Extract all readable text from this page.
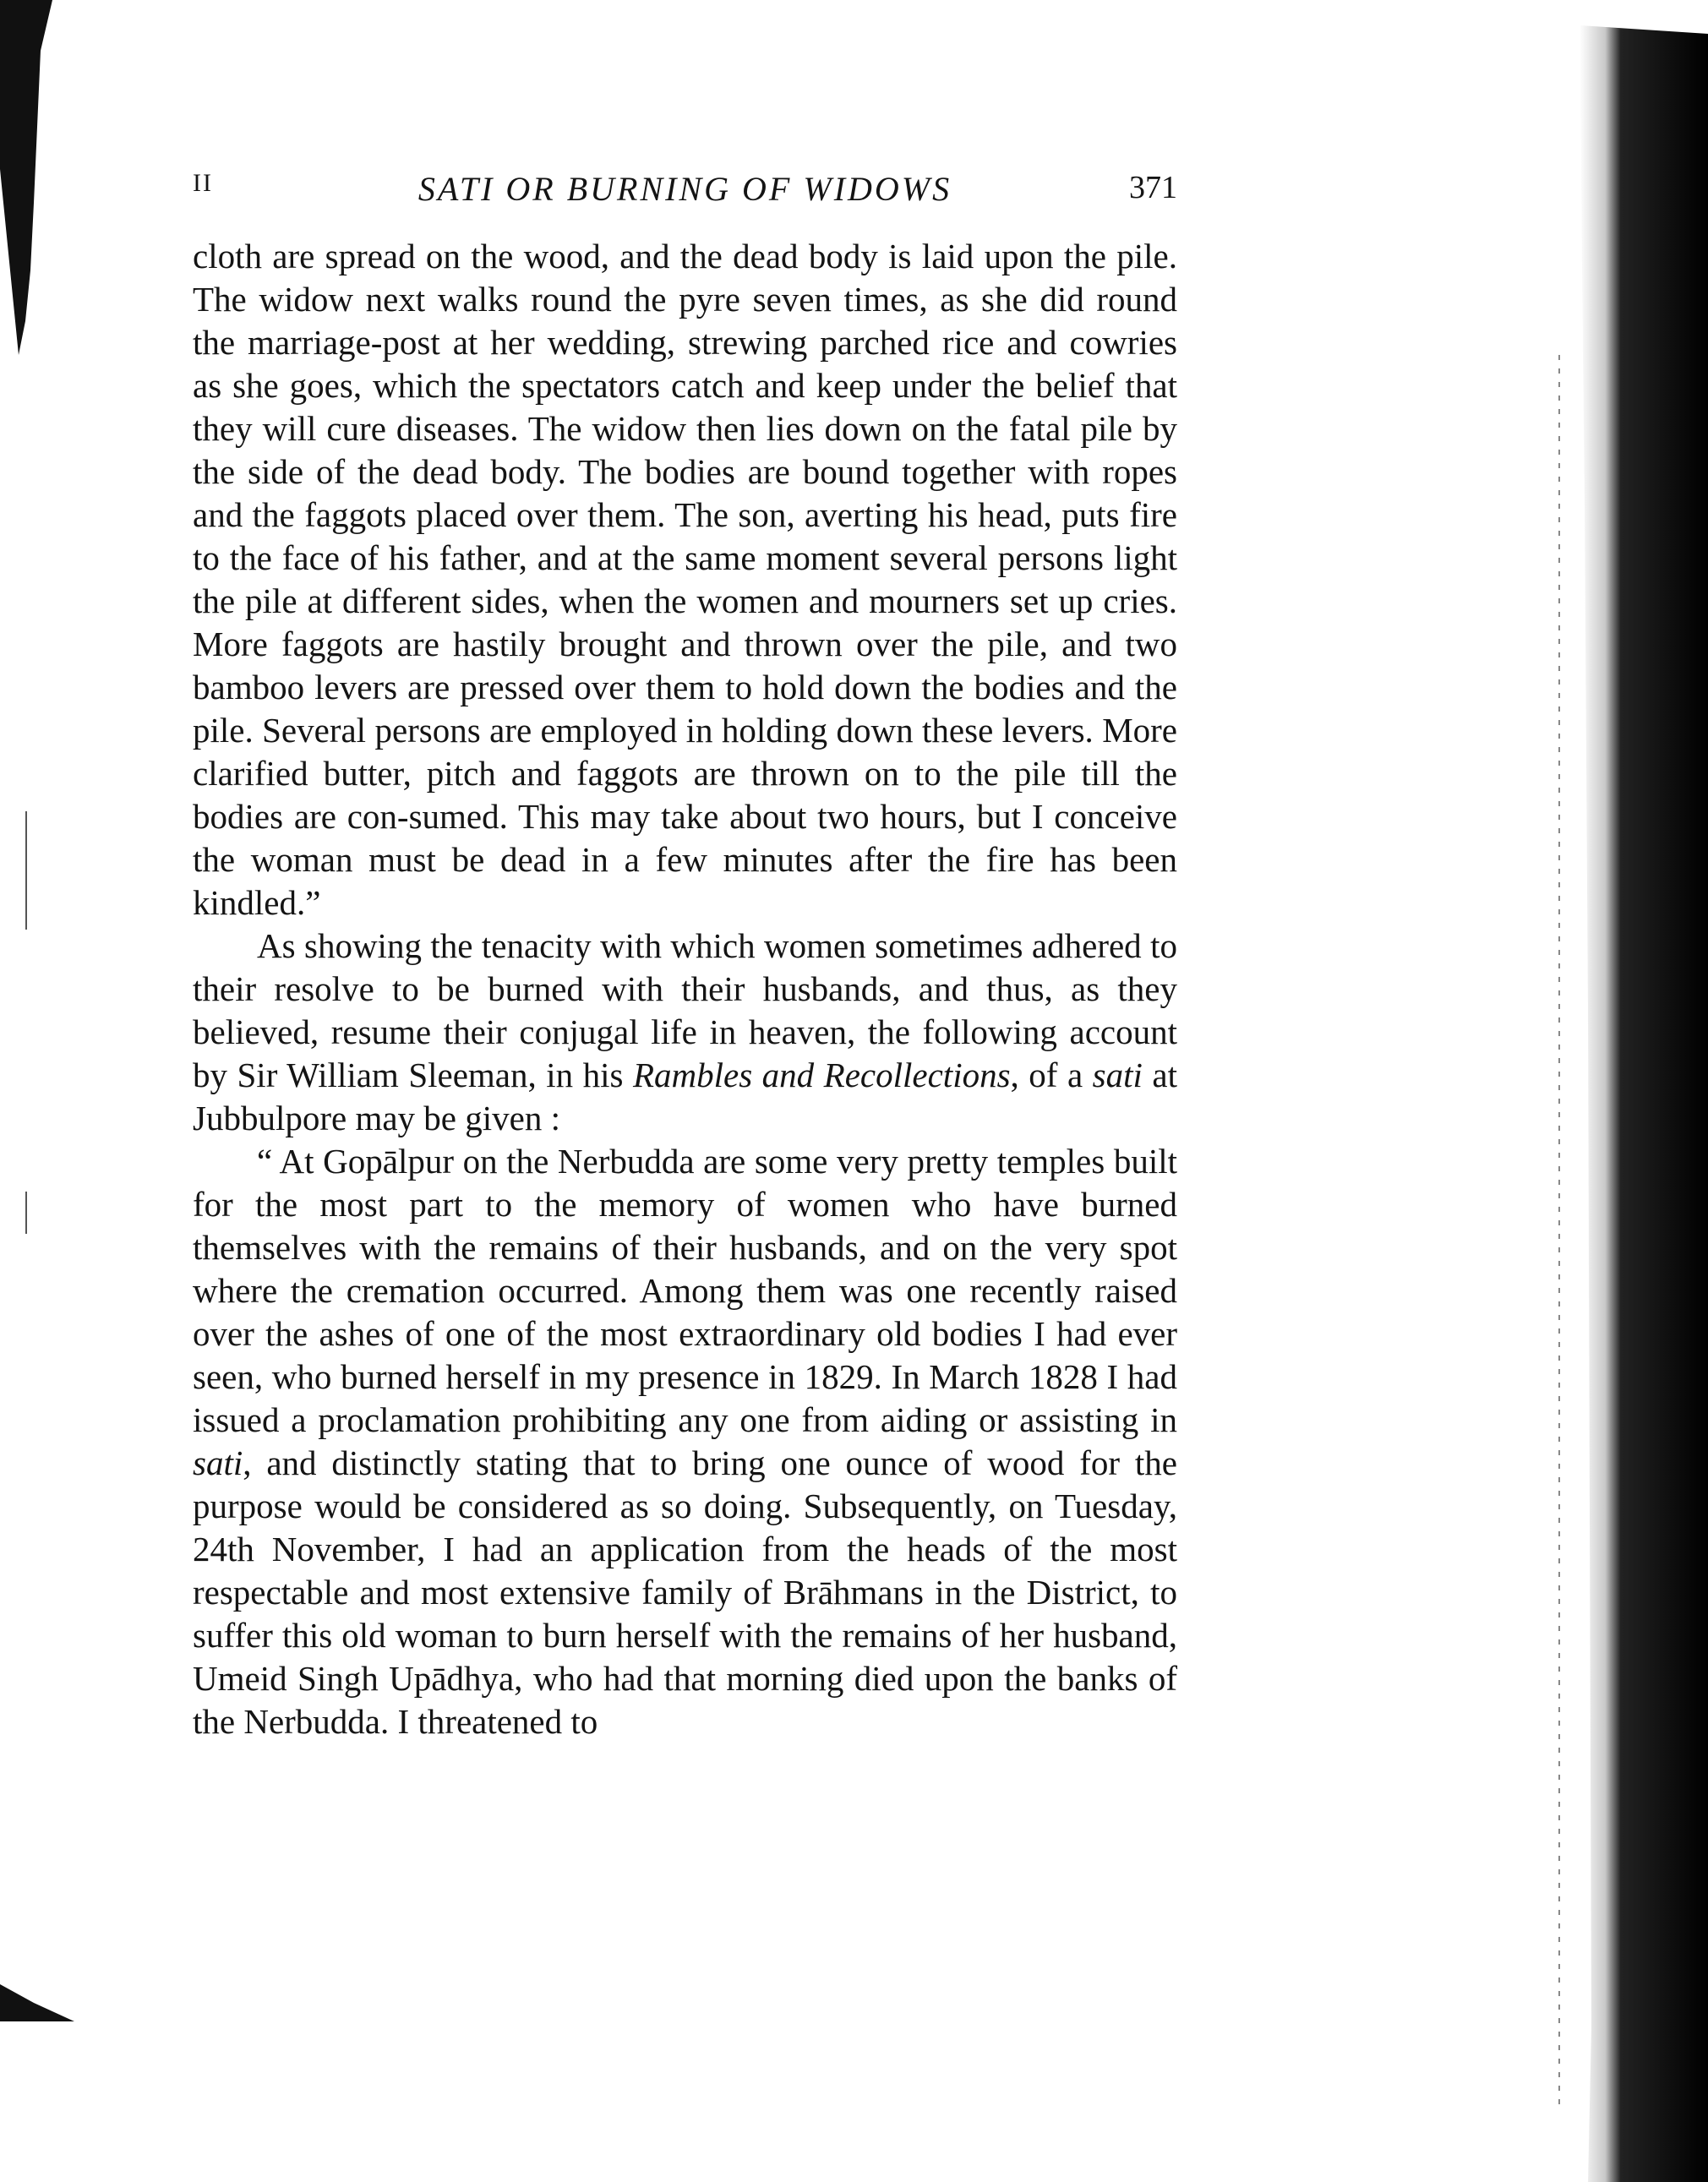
II	SATI OR BURNING OF WIDOWS	371

cloth are spread on the wood, and the dead body is laid upon the pile. The widow next walks round the pyre seven times, as she did round the marriage-post at her wedding, strewing parched rice and cowries as she goes, which the spectators catch and keep under the belief that they will cure diseases. The widow then lies down on the fatal pile by the side of the dead body. The bodies are bound together with ropes and the faggots placed over them. The son, averting his head, puts fire to the face of his father, and at the same moment several persons light the pile at different sides, when the women and mourners set up cries. More faggots are hastily brought and thrown over the pile, and two bamboo levers are pressed over them to hold down the bodies and the pile. Several persons are employed in holding down these levers. More clarified butter, pitch and faggots are thrown on to the pile till the bodies are con-sumed. This may take about two hours, but I conceive the woman must be dead in a few minutes after the fire has been kindled.”

As showing the tenacity with which women sometimes adhered to their resolve to be burned with their husbands, and thus, as they believed, resume their conjugal life in heaven, the following account by Sir William Sleeman, in his Rambles and Recollections, of a sati at Jubbulpore may be given :

“ At Gopālpur on the Nerbudda are some very pretty temples built for the most part to the memory of women who have burned themselves with the remains of their husbands, and on the very spot where the cremation occurred. Among them was one recently raised over the ashes of one of the most extraordinary old bodies I had ever seen, who burned herself in my presence in 1829. In March 1828 I had issued a proclamation prohibiting any one from aiding or assisting in sati, and distinctly stating that to bring one ounce of wood for the purpose would be considered as so doing. Subsequently, on Tuesday, 24th November, I had an application from the heads of the most respectable and most extensive family of Brāhmans in the District, to suffer this old woman to burn herself with the remains of her husband, Umeid Singh Upādhya, who had that morning died upon the banks of the Nerbudda. I threatened to
